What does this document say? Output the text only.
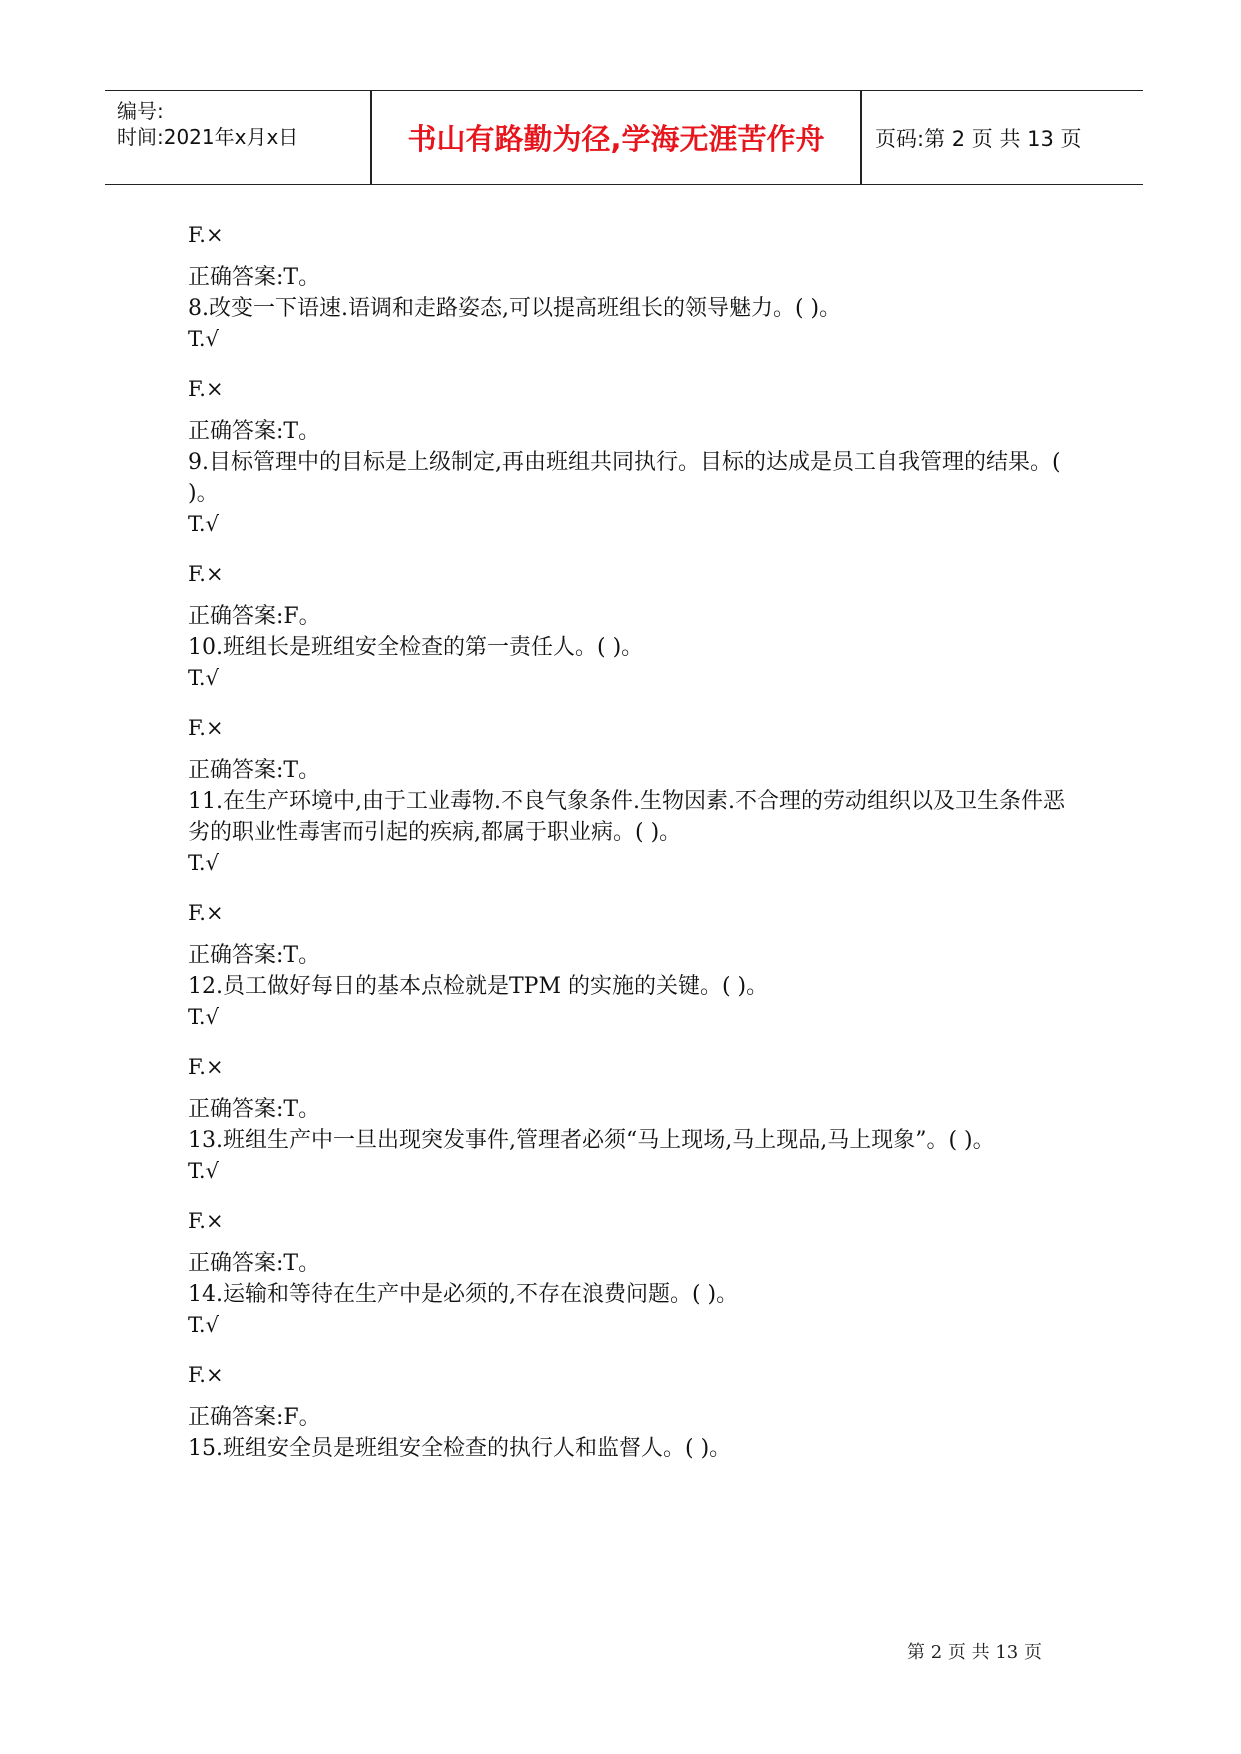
编号:
时间:2021年x月x日	书山有路勤为径,学海无涯苦作舟	页码:第 2 页 共 13 页

F.×

正确答案:T。

8.改变一下语速.语调和走路姿态,可以提高班组长的领导魅力。( )。

T.√

F.×

正确答案:T。

9.目标管理中的目标是上级制定,再由班组共同执行。目标的达成是员工自我管理的结果。( )。

T.√

F.×

正确答案:F。

10.班组长是班组安全检查的第一责任人。( )。

T.√

F.×

正确答案:T。

11.在生产环境中,由于工业毒物.不良气象条件.生物因素.不合理的劳动组织以及卫生条件恶劣的职业性毒害而引起的疾病,都属于职业病。( )。

T.√

F.×

正确答案:T。

12.员工做好每日的基本点检就是TPM 的实施的关键。( )。

T.√

F.×

正确答案:T。

13.班组生产中一旦出现突发事件,管理者必须“马上现场,马上现品,马上现象”。( )。

T.√

F.×

正确答案:T。

14.运输和等待在生产中是必须的,不存在浪费问题。( )。

T.√

F.×

正确答案:F。

15.班组安全员是班组安全检查的执行人和监督人。( )。

第 2 页 共 13 页
